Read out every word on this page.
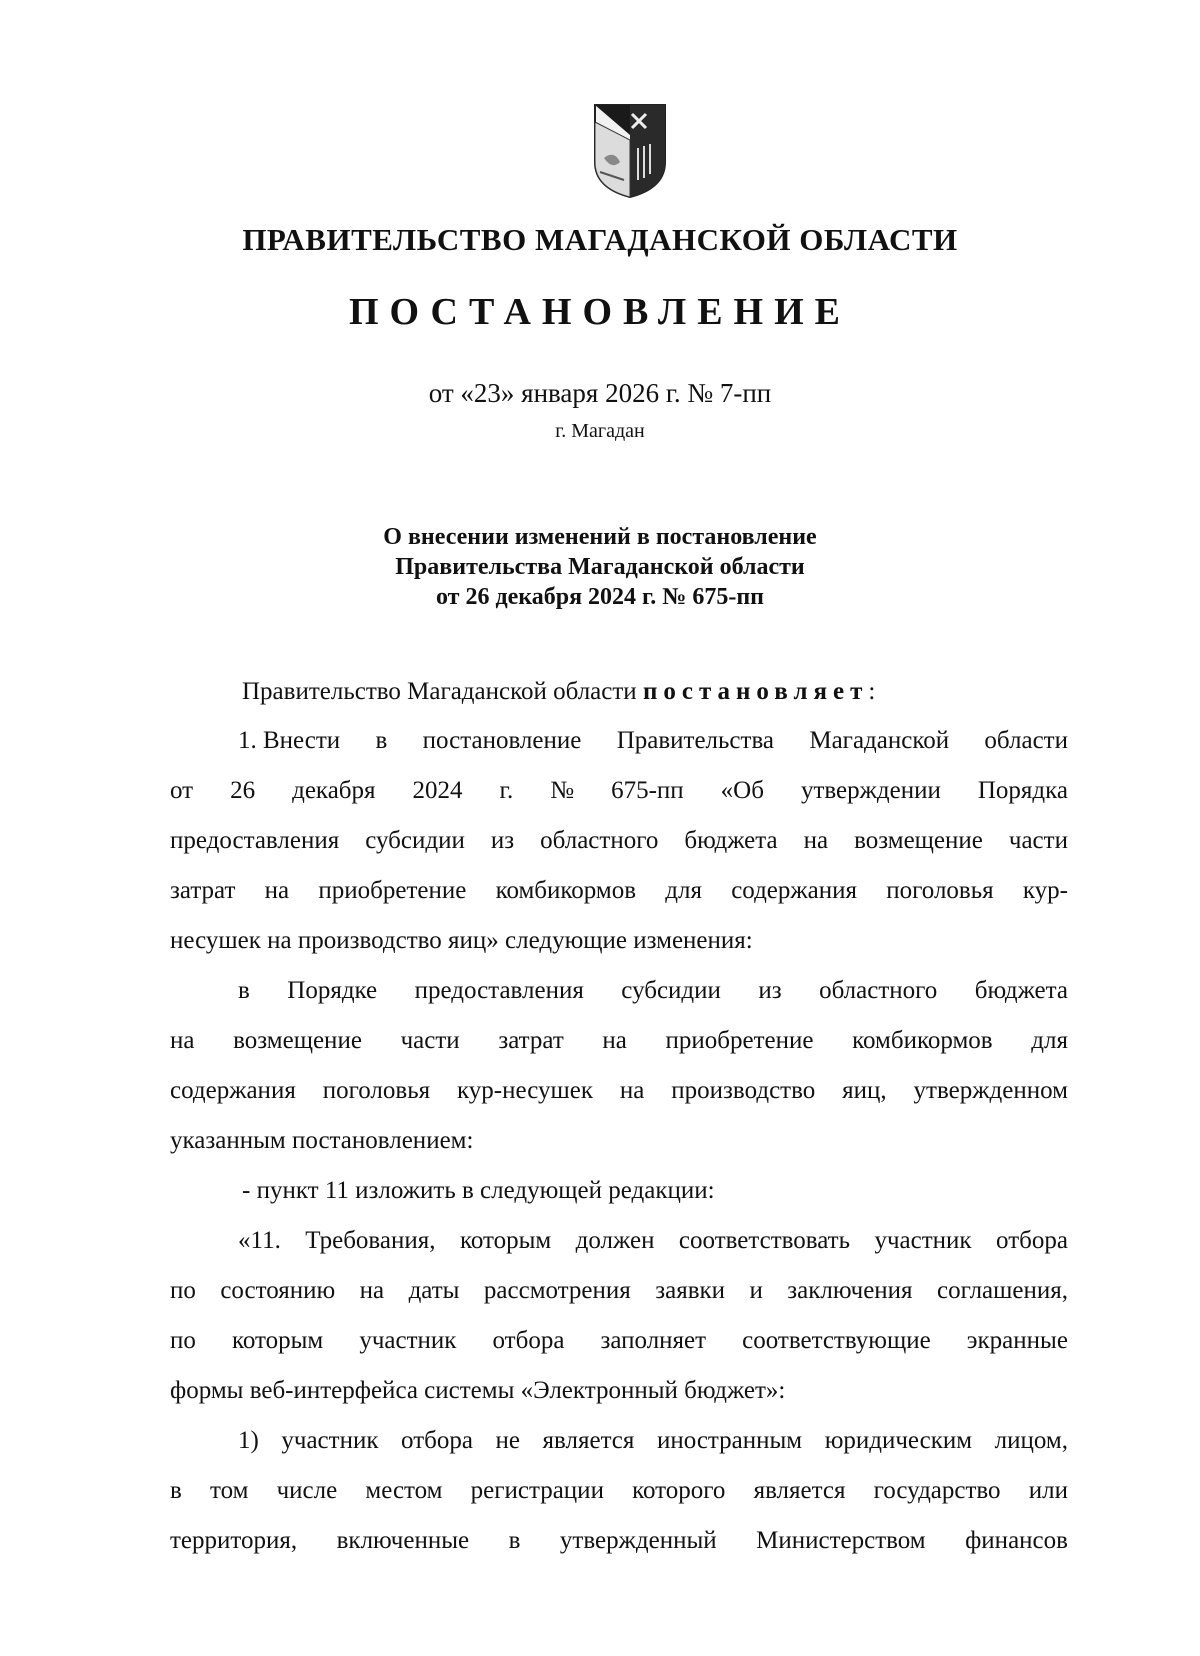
ПРАВИТЕЛЬСТВО МАГАДАНСКОЙ ОБЛАСТИ
ПОСТАНОВЛЕНИЕ
от «23» января 2026 г. № 7-пп
г. Магадан
О внесении изменений в постановление
Правительства Магаданской области
от 26 декабря 2024 г. № 675-пп
Правительство Магаданской области постановляет:
1. Внести в постановление Правительства Магаданской области
от 26 декабря 2024 г. № 675-пп «Об утверждении Порядка
предоставления субсидии из областного бюджета на возмещение части
затрат на приобретение комбикормов для содержания поголовья кур-
несушек на производство яиц» следующие изменения:
в Порядке предоставления субсидии из областного бюджета
на возмещение части затрат на приобретение комбикормов для
содержания поголовья кур-несушек на производство яиц, утвержденном
указанным постановлением:
- пункт 11 изложить в следующей редакции:
«11. Требования, которым должен соответствовать участник отбора
по состоянию на даты рассмотрения заявки и заключения соглашения,
по которым участник отбора заполняет соответствующие экранные
формы веб-интерфейса системы «Электронный бюджет»:
1) участник отбора не является иностранным юридическим лицом,
в том числе местом регистрации которого является государство или
территория, включенные в утвержденный Министерством финансов
